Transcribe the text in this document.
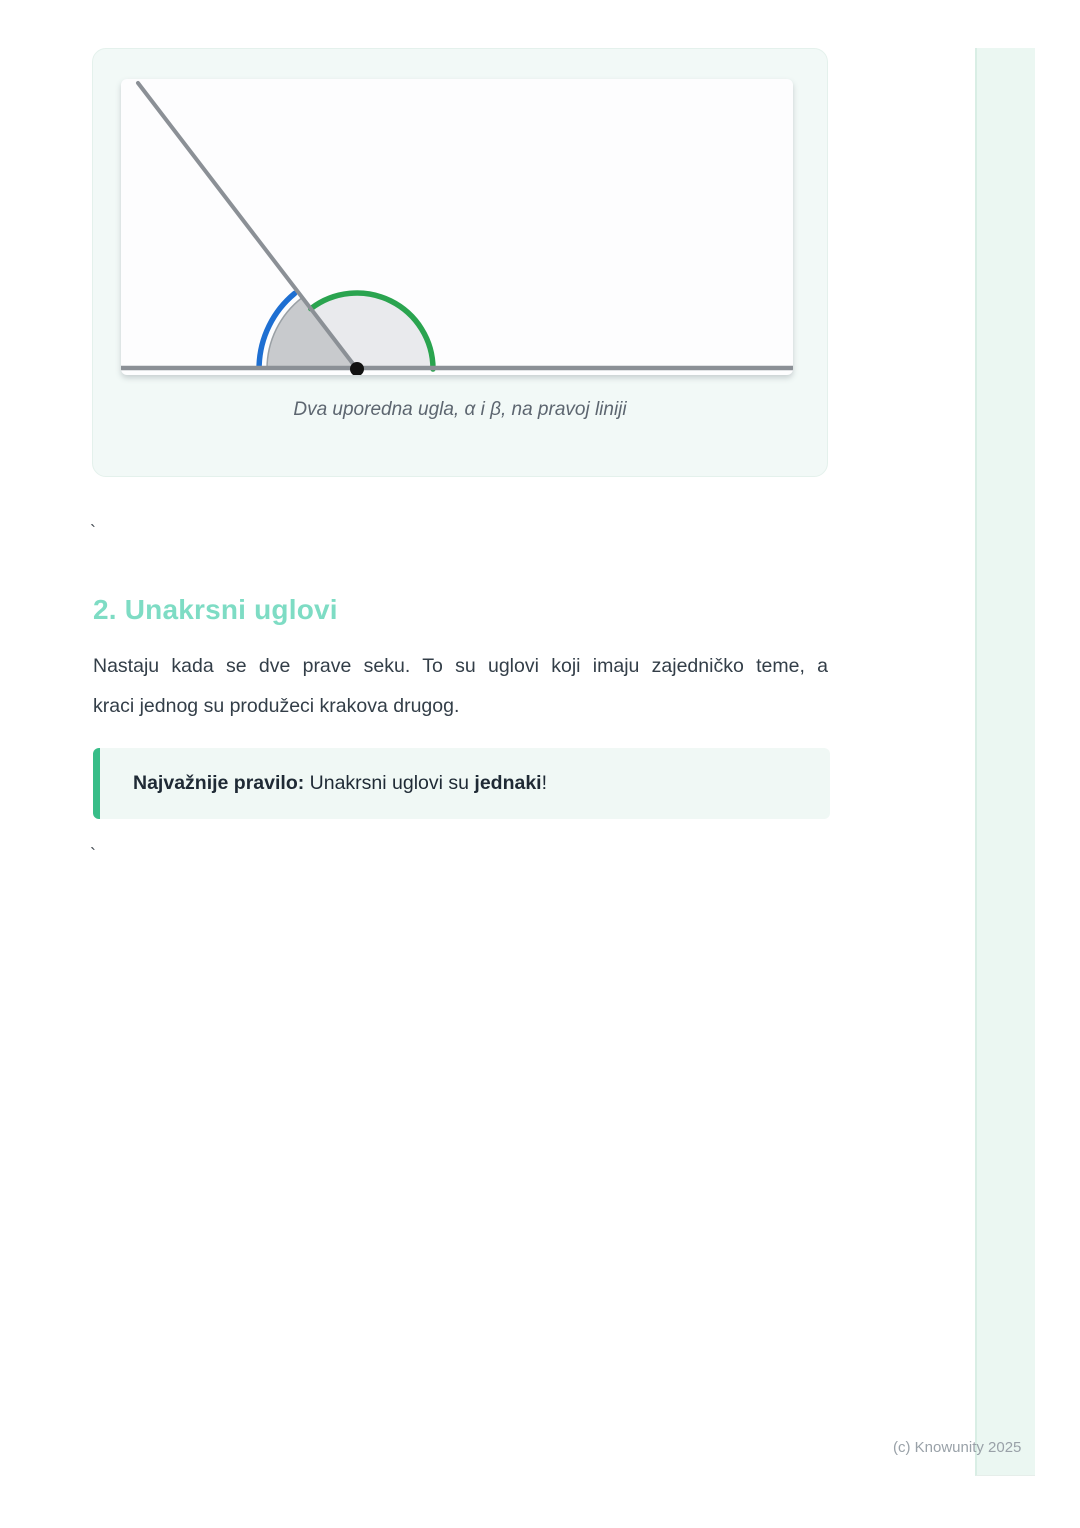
Dva uporedna ugla, α i β, na pravoj liniji
`
2. Unakrsni uglovi

Nastaju kada se dve prave seku. To su uglovi koji imaju zajedničko teme, a
kraci jednog su produžeci krakova drugog.

Najvažnije pravilo: Unakrsni uglovi su jednaki !
`
(c) Knowunity 2025
